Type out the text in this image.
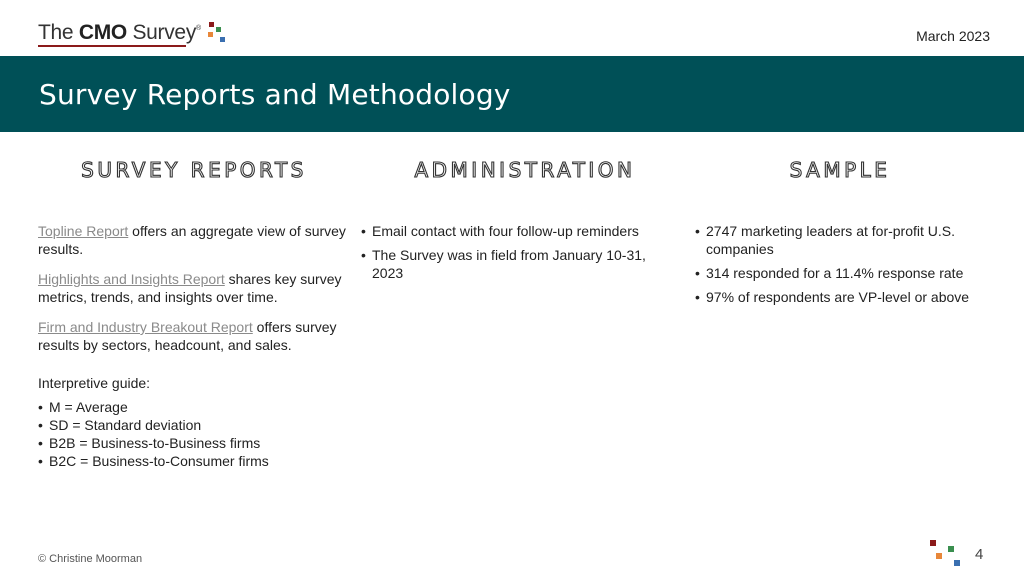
The CMO Survey®	March 2023
Survey Reports and Methodology
SURVEY REPORTS	ADMINISTRATION	SAMPLE

Topline Report offers an aggregate view of survey results.

Highlights and Insights Report shares key survey metrics, trends, and insights over time.

Firm and Industry Breakout Report offers survey results by sectors, headcount, and sales.

Interpretive guide:
• M = Average
• SD = Standard deviation
• B2B = Business-to-Business firms
• B2C = Business-to-Consumer firms
• Email contact with four follow-up reminders
• The Survey was in field from January 10-31, 2023
• 2747 marketing leaders at for-profit U.S. companies
• 314 responded for a 11.4% response rate
• 97% of respondents are VP-level or above
© Christine Moorman	4
